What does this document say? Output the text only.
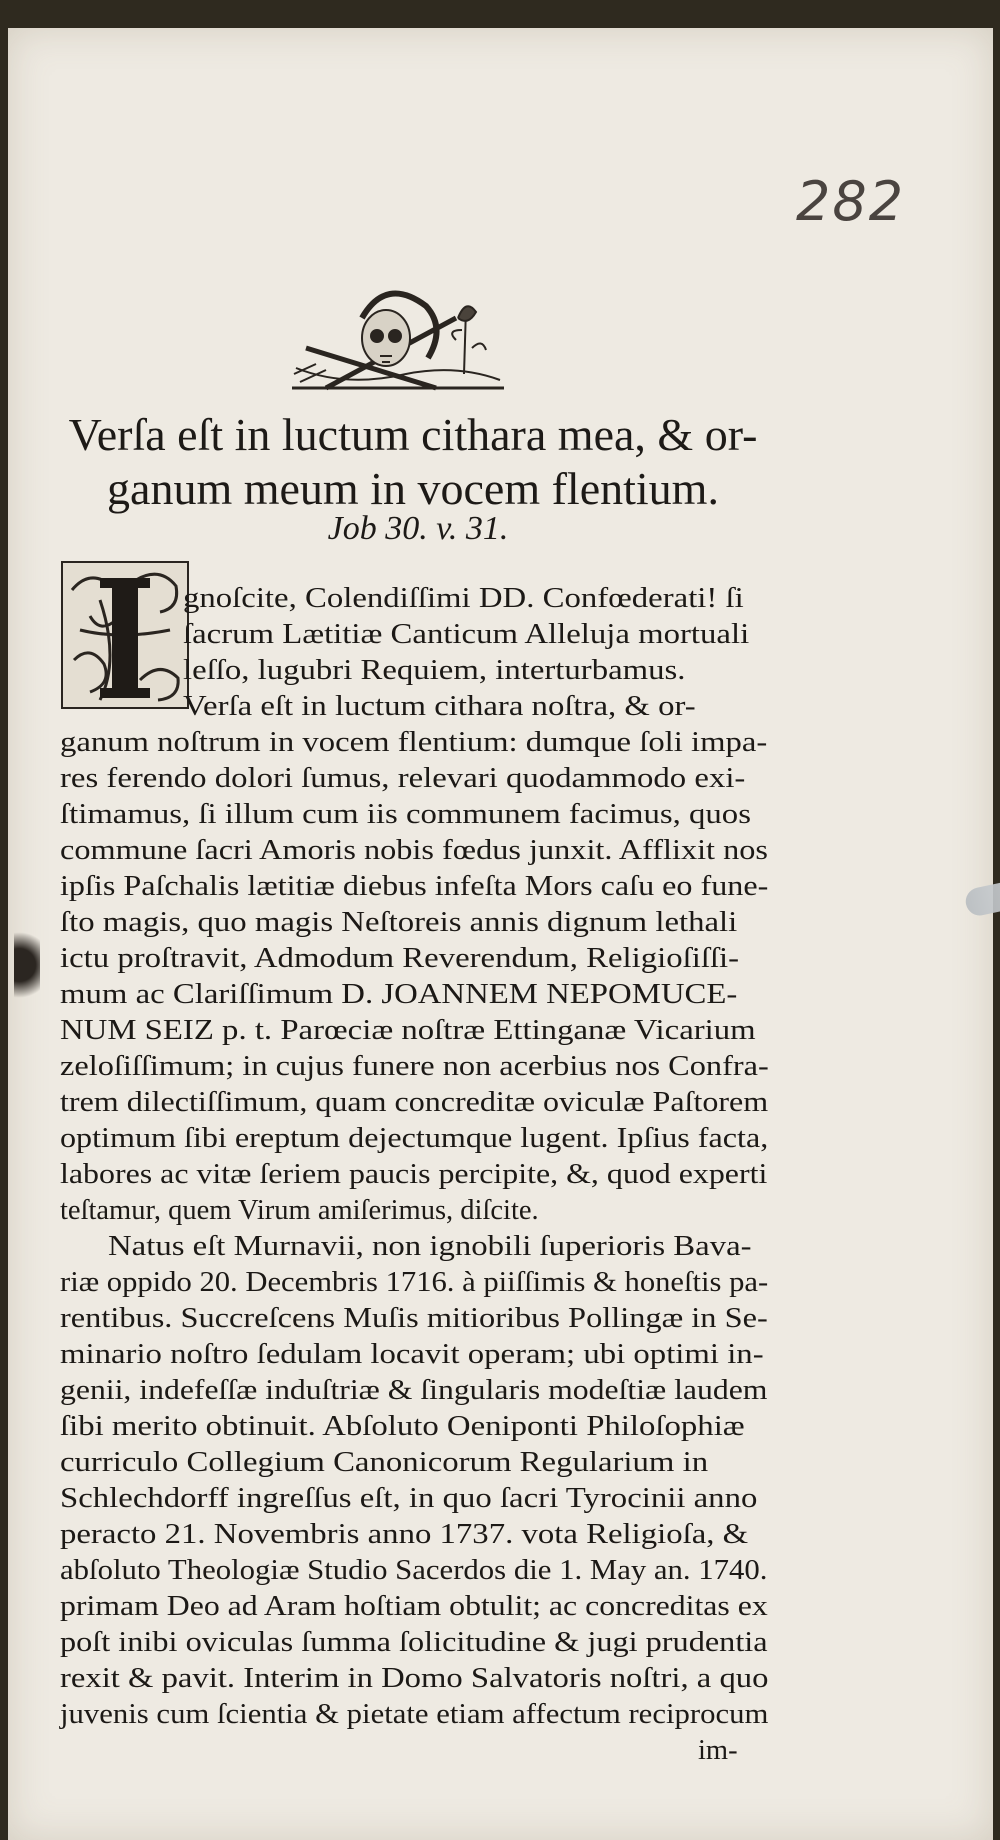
282
Verſa eſt in luctum cithara mea, & or-
ganum meum in vocem flentium.
Job 30. v. 31.
gnoſcite, Colendiſſimi DD. Confœderati! ſi
ſacrum Lætitiæ Canticum Alleluja mortuali
leſſo, lugubri Requiem, interturbamus.
Verſa eſt in luctum cithara noſtra, & or-
ganum noſtrum in vocem flentium: dumque ſoli impa-
res ferendo dolori ſumus, relevari quodammodo exi-
ſtimamus, ſi illum cum iis communem facimus, quos
commune ſacri Amoris nobis fœdus junxit. Afflixit nos
ipſis Paſchalis lætitiæ diebus infeſta Mors caſu eo fune-
ſto magis, quo magis Neſtoreis annis dignum lethali
ictu proſtravit, Admodum Reverendum, Religioſiſſi-
mum ac Clariſſimum D. JOANNEM NEPOMUCE-
NUM SEIZ p. t. Parœciæ noſtræ Ettinganæ Vicarium
zeloſiſſimum; in cujus funere non acerbius nos Confra-
trem dilectiſſimum, quam concreditæ oviculæ Paſtorem
optimum ſibi ereptum dejectumque lugent. Ipſius facta,
labores ac vitæ ſeriem paucis percipite, &, quod experti
teſtamur, quem Virum amiſerimus, diſcite.
Natus eſt Murnavii, non ignobili ſuperioris Bava-
riæ oppido 20. Decembris 1716. à piiſſimis & honeſtis pa-
rentibus. Succreſcens Muſis mitioribus Pollingæ in Se-
minario noſtro ſedulam locavit operam; ubi optimi in-
genii, indefeſſæ induſtriæ & ſingularis modeſtiæ laudem
ſibi merito obtinuit. Abſoluto Oeniponti Philoſophiæ
curriculo Collegium Canonicorum Regularium in
Schlechdorff ingreſſus eſt, in quo ſacri Tyrocinii anno
peracto 21. Novembris anno 1737. vota Religioſa, &
abſoluto Theologiæ Studio Sacerdos die 1. May an. 1740.
primam Deo ad Aram hoſtiam obtulit; ac concreditas ex
poſt inibi oviculas ſumma ſolicitudine & jugi prudentia
rexit & pavit. Interim in Domo Salvatoris noſtri, a quo
juvenis cum ſcientia & pietate etiam affectum reciprocum
im-
